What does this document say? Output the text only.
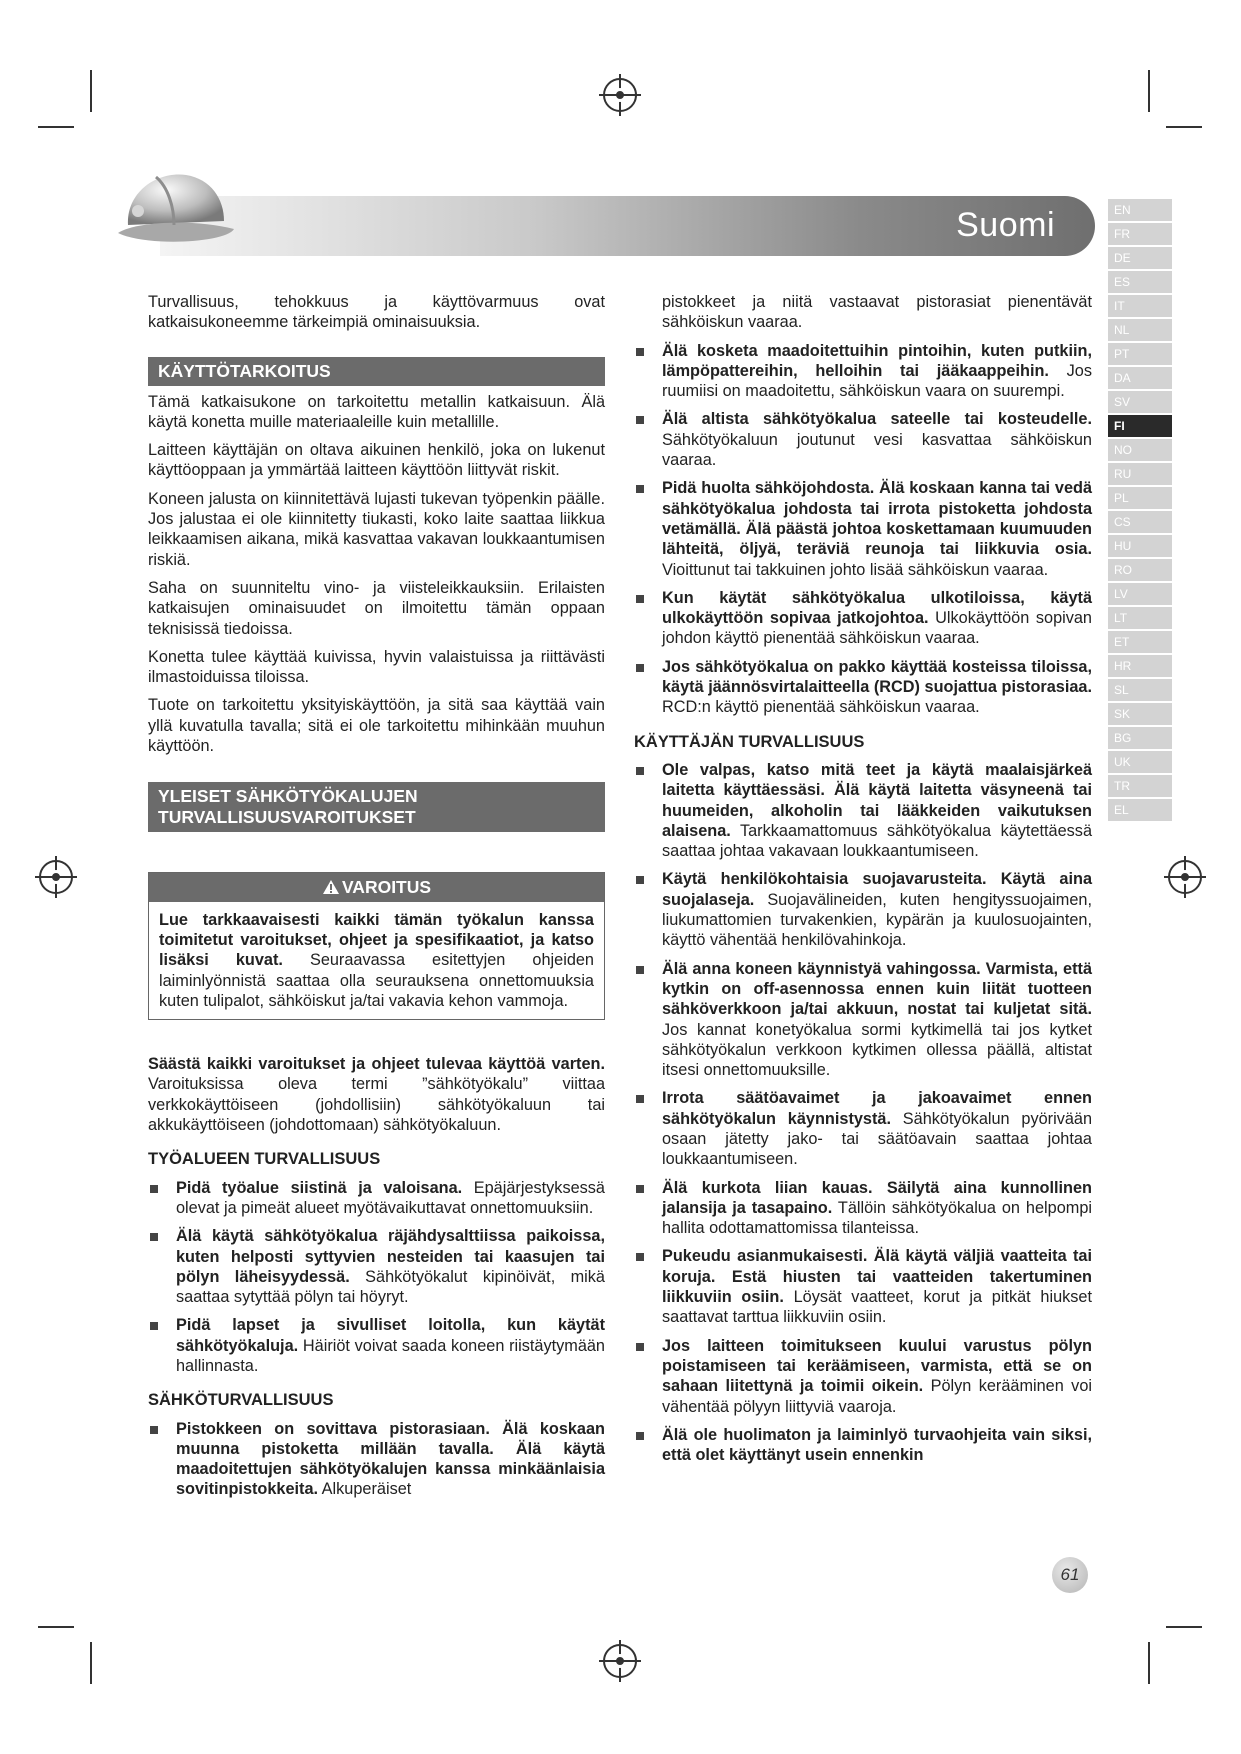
Suomi	EN
FR
DE
ES
IT
NL
PT
DA
SV
FI
NO
RU
PL
CS
HU
RO
LV
LT
ET
HR
SL
SK
BG
UK
TR
EL

Turvallisuus, tehokkuus ja käyttövarmuus ovat katkaisukoneemme tärkeimpiä ominaisuuksia.

KÄYTTÖTARKOITUS

Tämä katkaisukone on tarkoitettu metallin katkaisuun. Älä käytä konetta muille materiaaleille kuin metallille.

Laitteen käyttäjän on oltava aikuinen henkilö, joka on lukenut käyttöoppaan ja ymmärtää laitteen käyttöön liittyvät riskit.

Koneen jalusta on kiinnitettävä lujasti tukevan työpenkin päälle. Jos jalustaa ei ole kiinnitetty tiukasti, koko laite saattaa liikkua leikkaamisen aikana, mikä kasvattaa vakavan loukkaantumisen riskiä.

Saha on suunniteltu vino- ja viisteleikkauksiin. Erilaisten katkaisujen ominaisuudet on ilmoitettu tämän oppaan teknisissä tiedoissa.

Konetta tulee käyttää kuivissa, hyvin valaistuissa ja riittävästi ilmastoiduissa tiloissa.

Tuote on tarkoitettu yksityiskäyttöön, ja sitä saa käyttää vain yllä kuvatulla tavalla; sitä ei ole tarkoitettu mihinkään muuhun käyttöön.

YLEISET SÄHKÖTYÖKALUJEN TURVALLISUUSVAROITUKSET
VAROITUS
Lue tarkkaavaisesti kaikki tämän työkalun kanssa toimitetut varoitukset, ohjeet ja spesifikaatiot, ja katso lisäksi kuvat. Seuraavassa esitettyjen ohjeiden laiminlyönnistä saattaa olla seurauksena onnettomuuksia kuten tulipalot, sähköiskut ja/tai vakavia kehon vammoja.

Säästä kaikki varoitukset ja ohjeet tulevaa käyttöä varten. Varoituksissa oleva termi ”sähkötyökalu” viittaa verkkokäyttöiseen (johdollisiin) sähkötyökaluun tai akkukäyttöiseen (johdottomaan) sähkötyökaluun.

TYÖALUEEN TURVALLISUUS
Pidä työalue siistinä ja valoisana. Epäjärjestyksessä olevat ja pimeät alueet myötävaikuttavat onnettomuuksiin.
Älä käytä sähkötyökalua räjähdysalttiissa paikoissa, kuten helposti syttyvien nesteiden tai kaasujen tai pölyn läheisyydessä. Sähkötyökalut kipinöivät, mikä saattaa sytyttää pölyn tai höyryt.
Pidä lapset ja sivulliset loitolla, kun käytät sähkötyökaluja. Häiriöt voivat saada koneen riistäytymään hallinnasta.
SÄHKÖTURVALLISUUS
Pistokkeen on sovittava pistorasiaan. Älä koskaan muunna pistoketta millään tavalla. Älä käytä maadoitettujen sähkötyökalujen kanssa minkäänlaisia sovitinpistokkeita. Alkuperäiset

pistokkeet ja niitä vastaavat pistorasiat pienentävät sähköiskun vaaraa.

Älä kosketa maadoitettuihin pintoihin, kuten putkiin, lämpöpattereihin, helloihin tai jääkaappeihin. Jos ruumiisi on maadoitettu, sähköiskun vaara on suurempi.
Älä altista sähkötyökalua sateelle tai kosteudelle. Sähkötyökaluun joutunut vesi kasvattaa sähköiskun vaaraa.
Pidä huolta sähköjohdosta. Älä koskaan kanna tai vedä sähkötyökalua johdosta tai irrota pistoketta johdosta vetämällä. Älä päästä johtoa koskettamaan kuumuuden lähteitä, öljyä, teräviä reunoja tai liikkuvia osia. Vioittunut tai takkuinen johto lisää sähköiskun vaaraa.
Kun käytät sähkötyökalua ulkotiloissa, käytä ulkokäyttöön sopivaa jatkojohtoa. Ulkokäyttöön sopivan johdon käyttö pienentää sähköiskun vaaraa.
Jos sähkötyökalua on pakko käyttää kosteissa tiloissa, käytä jäännösvirtalaitteella (RCD) suojattua pistorasiaa. RCD:n käyttö pienentää sähköiskun vaaraa.
KÄYTTÄJÄN TURVALLISUUS
Ole valpas, katso mitä teet ja käytä maalaisjärkeä laitetta käyttäessäsi. Älä käytä laitetta väsyneenä tai huumeiden, alkoholin tai lääkkeiden vaikutuksen alaisena. Tarkkaamattomuus sähkötyökalua käytettäessä saattaa johtaa vakavaan loukkaantumiseen.
Käytä henkilökohtaisia suojavarusteita. Käytä aina suojalaseja. Suojavälineiden, kuten hengityssuojaimen, liukumattomien turvakenkien, kypärän ja kuulosuojainten, käyttö vähentää henkilövahinkoja.
Älä anna koneen käynnistyä vahingossa. Varmista, että kytkin on off-asennossa ennen kuin liität tuotteen sähköverkkoon ja/tai akkuun, nostat tai kuljetat sitä. Jos kannat konetyökalua sormi kytkimellä tai jos kytket sähkötyökalun verkkoon kytkimen ollessa päällä, altistat itsesi onnettomuuksille.
Irrota säätöavaimet ja jakoavaimet ennen sähkötyökalun käynnistystä. Sähkötyökalun pyörivään osaan jätetty jako- tai säätöavain saattaa johtaa loukkaantumiseen.
Älä kurkota liian kauas. Säilytä aina kunnollinen jalansija ja tasapaino. Tällöin sähkötyökalua on helpompi hallita odottamattomissa tilanteissa.
Pukeudu asianmukaisesti. Älä käytä väljiä vaatteita tai koruja. Estä hiusten tai vaatteiden takertuminen liikkuviin osiin. Löysät vaatteet, korut ja pitkät hiukset saattavat tarttua liikkuviin osiin.
Jos laitteen toimitukseen kuului varustus pölyn poistamiseen tai keräämiseen, varmista, että se on sahaan liitettynä ja toimii oikein. Pölyn kerääminen voi vähentää pölyyn liittyviä vaaroja.
Älä ole huolimaton ja laiminlyö turvaohjeita vain siksi, että olet käyttänyt usein ennenkin
61
